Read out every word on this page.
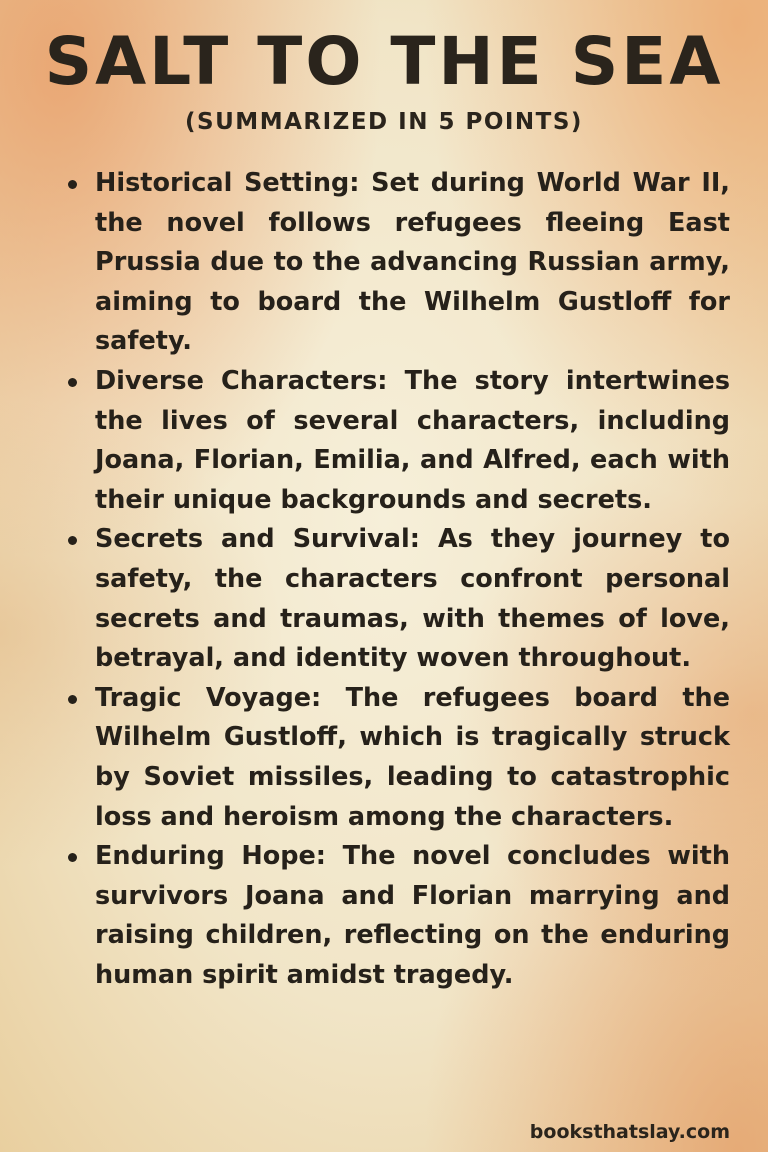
SALT TO THE SEA
(SUMMARIZED IN 5 POINTS)
Historical Setting: Set during World War II, the novel follows refugees fleeing East Prussia due to the advancing Russian army, aiming to board the Wilhelm Gustloff for safety.
Diverse Characters: The story intertwines the lives of several characters, including Joana, Florian, Emilia, and Alfred, each with their unique backgrounds and secrets.
Secrets and Survival: As they journey to safety, the characters confront personal secrets and traumas, with themes of love, betrayal, and identity woven throughout.
Tragic Voyage: The refugees board the Wilhelm Gustloff, which is tragically struck by Soviet missiles, leading to catastrophic loss and heroism among the characters.
Enduring Hope: The novel concludes with survivors Joana and Florian marrying and raising children, reflecting on the enduring human spirit amidst tragedy.
booksthatslay.com
